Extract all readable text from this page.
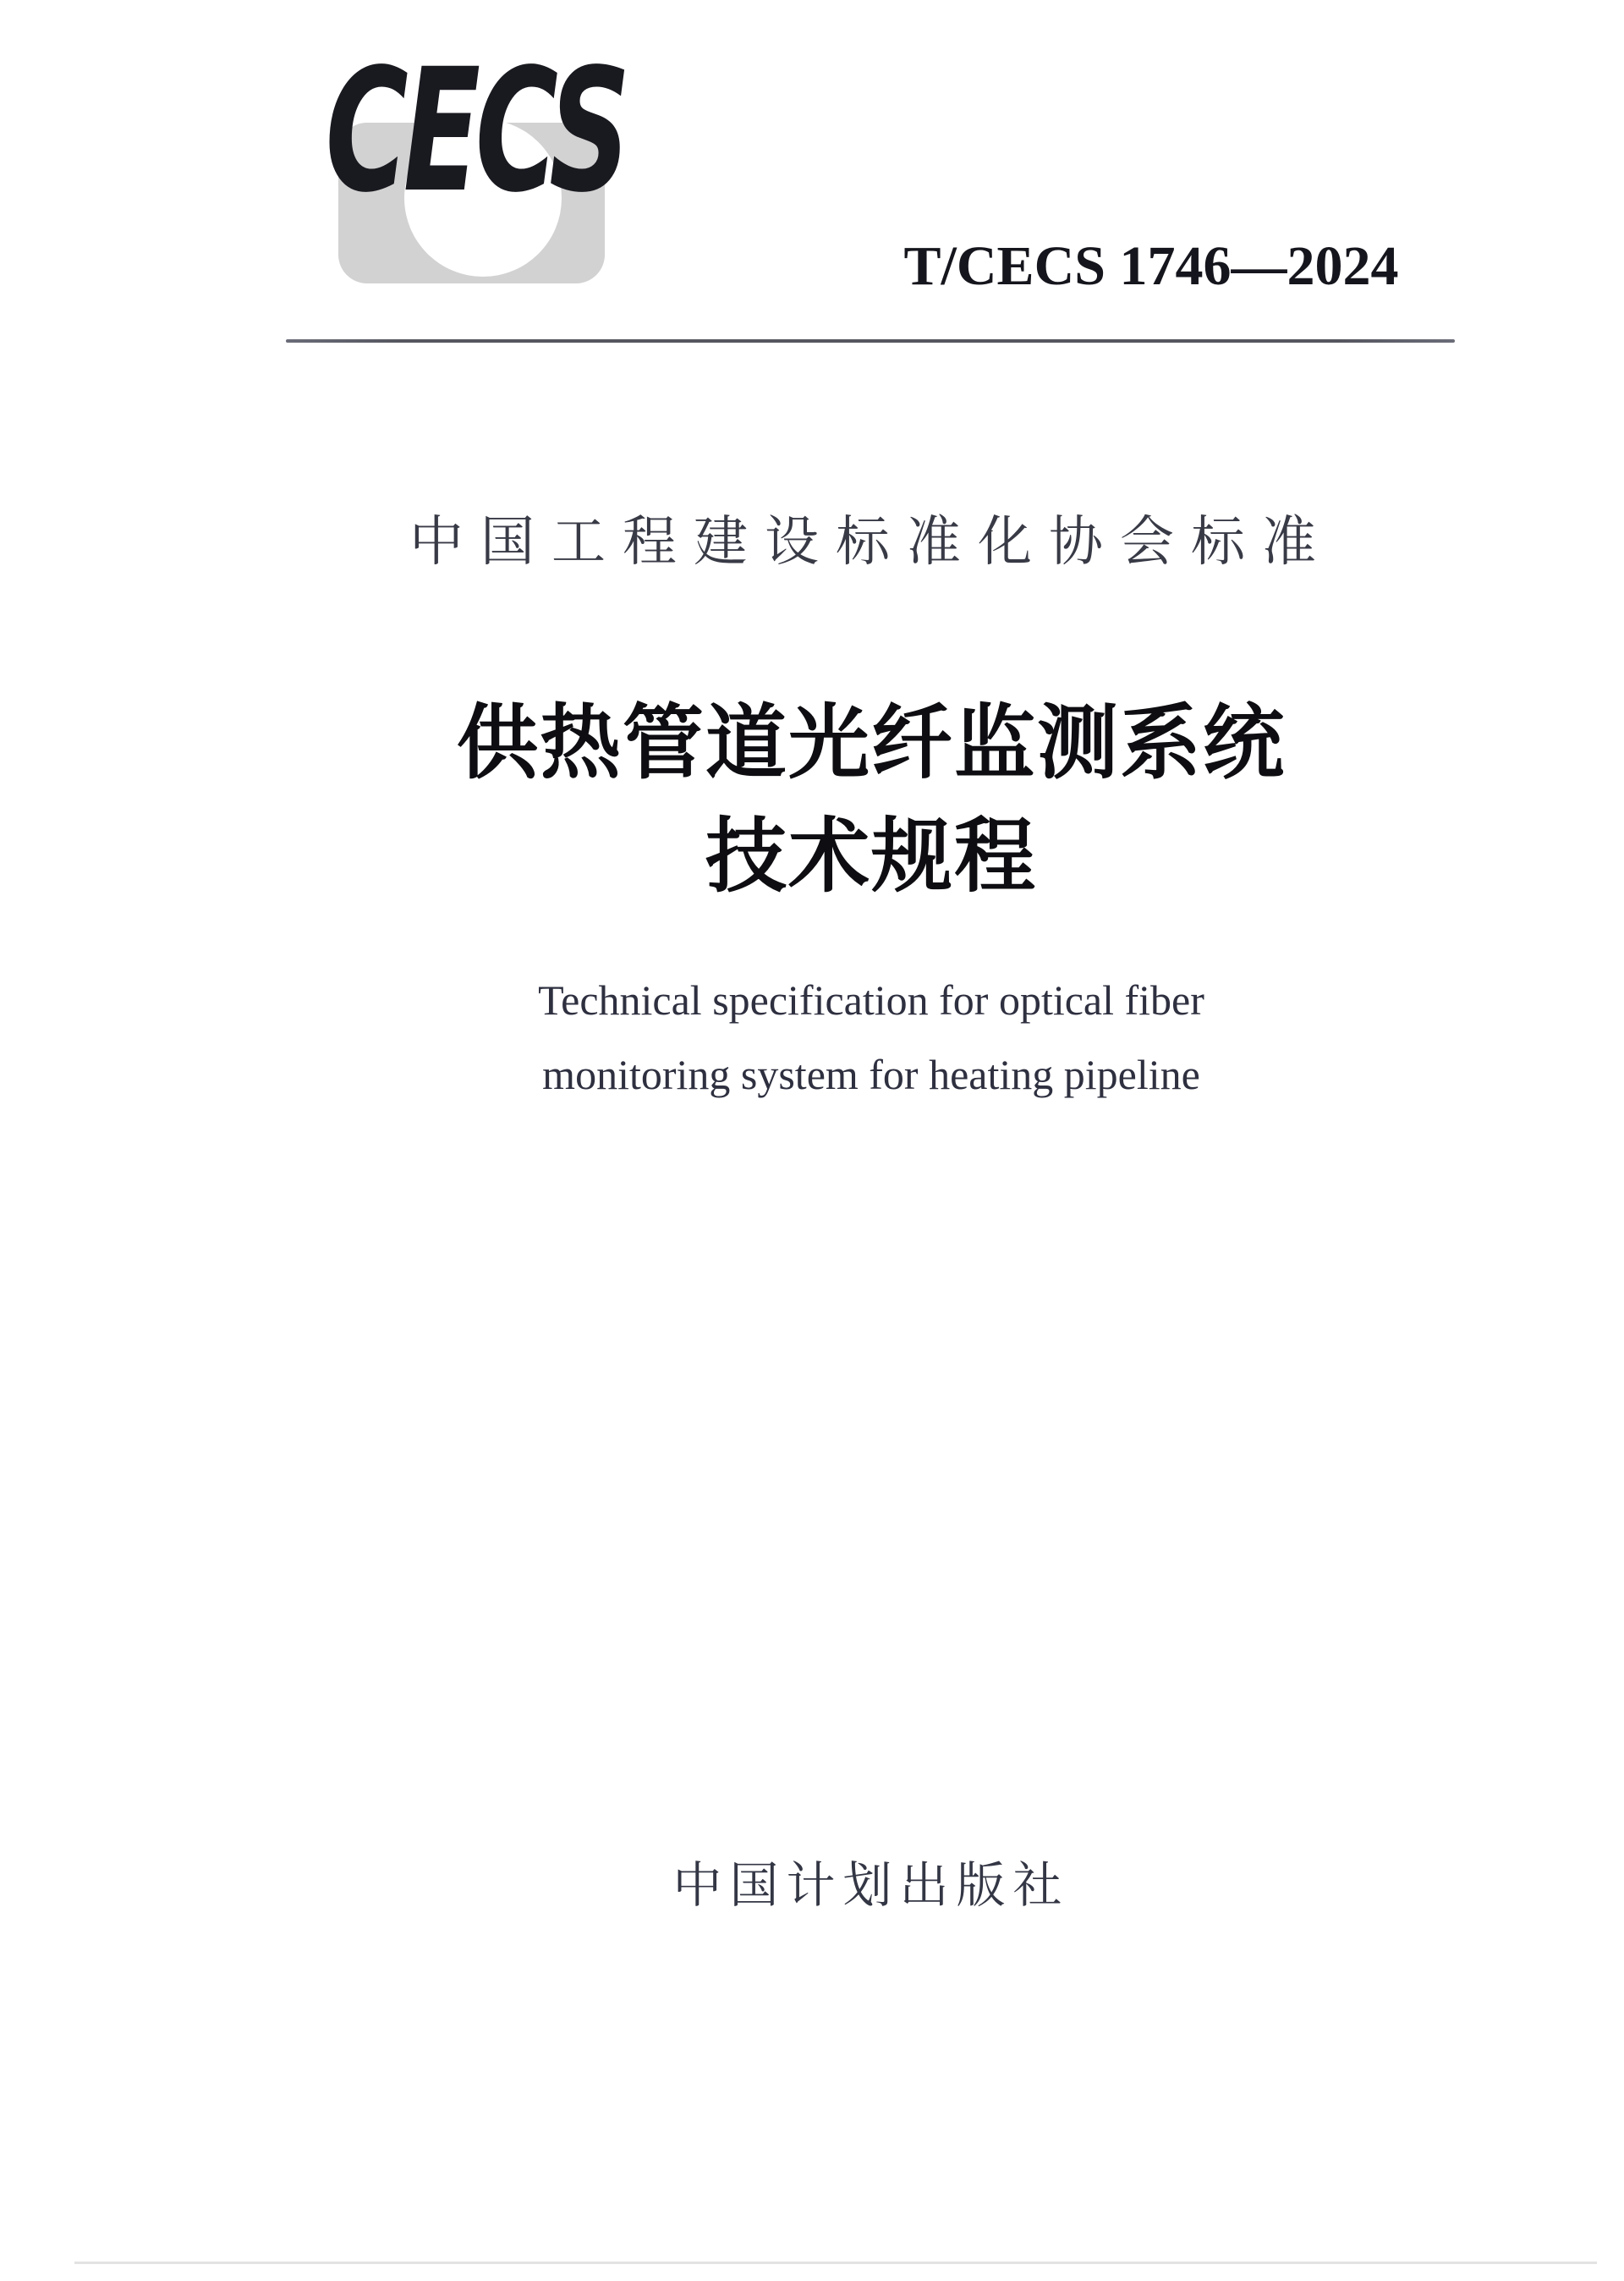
CECS
T/CECS 1746—2024
中国工程建设标准化协会标准
供热管道光纤监测系统
技术规程
Technical specification for optical fiber
monitoring system for heating pipeline
中国计划出版社
